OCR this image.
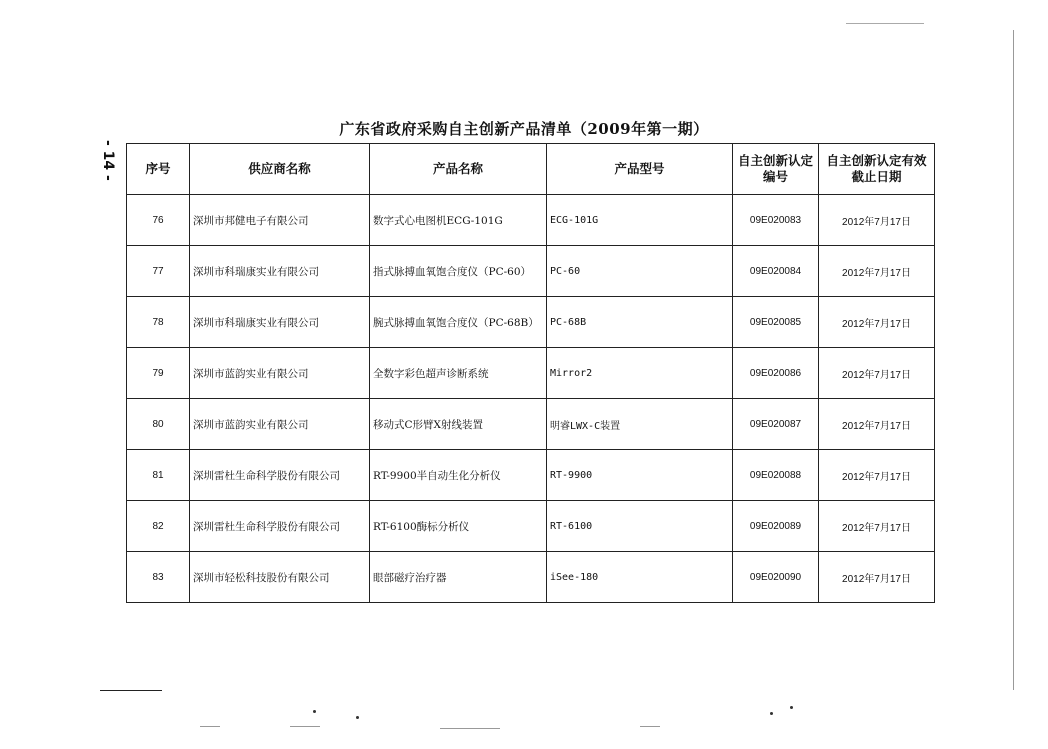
广东省政府采购自主创新产品清单（2009年第一期）
- 14 - 序号	供应商名称	产品名称	产品型号	自主创新认定编号	自主创新认定有效截止日期
76	深圳市邦健电子有限公司	数字式心电图机ECG-101G	ECG-101G	09E020083	2012年7月17日
77	深圳市科瑞康实业有限公司	指式脉搏血氧饱合度仪（PC-60）	PC-60	09E020084	2012年7月17日
78	深圳市科瑞康实业有限公司	腕式脉搏血氧饱合度仪（PC-68B）	PC-68B	09E020085	2012年7月17日
79	深圳市蓝韵实业有限公司	全数字彩色超声诊断系统	Mirror2	09E020086	2012年7月17日
80	深圳市蓝韵实业有限公司	移动式C形臂X射线装置	明睿LWX-C装置	09E020087	2012年7月17日
81	深圳雷杜生命科学股份有限公司	RT-9900半自动生化分析仪	RT-9900	09E020088	2012年7月17日
82	深圳雷杜生命科学股份有限公司	RT-6100酶标分析仪	RT-6100	09E020089	2012年7月17日
83	深圳市轻松科技股份有限公司	眼部磁疗治疗器	iSee-180	09E020090	2012年7月17日
